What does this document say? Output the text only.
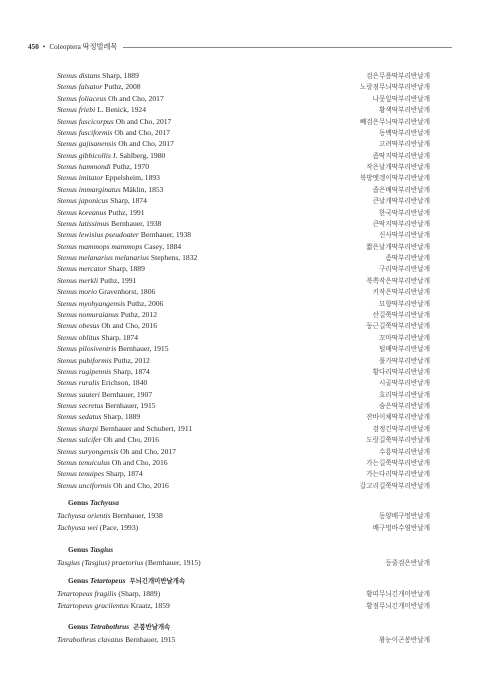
450 • Coleoptera 딱정벌레목
Stenus distans Sharp, 1889	검은무릎딱부리반날개
Stenus falsator Puthz, 2008	노랑점무늬딱부리반날개
Stenus foliaceus Oh and Cho, 2017	나뭇잎딱부리반날개
Stenus friebi L. Benick, 1924	황색딱부리반날개
Stenus fuscicorpus Oh and Cho, 2017	빼검은무늬딱부리반날개
Stenus fusciformis Oh and Cho, 2017	동백딱부리반날개
Stenus gajisanensis Oh and Cho, 2017	고려딱부리반날개
Stenus gibbicollis J. Sahlberg, 1980	좀딱지딱부리반날개
Stenus hammondi Puthz, 1970	작은날개딱부리반날개
Stenus imitator Eppelsheim, 1893	북방멧갱이딱부리반날개
Stenus immarginatus Mäklin, 1853	좁은배딱부리반날개
Stenus japonicus Sharp, 1874	큰날개딱부리반날개
Stenus koreanus Puthz, 1991	한국딱부리반날개
Stenus latissimus Bernhauer, 1938	큰딱지딱부리반날개
Stenus lewisius pseudoater Bernhauer, 1938	신사딱부리반날개
Stenus mammops mammops Casey, 1884	짧은날개딱부리반날개
Stenus melanarius melanarius Stephens, 1832	좀딱부리반날개
Stenus mercator Sharp, 1889	구리딱부리반날개
Stenus merkli Puthz, 1991	북쪽작은딱부리반날개
Stenus morio Gravenhorst, 1806	키작은딱부리반날개
Stenus myohyangensis Puthz, 2006	묘향딱부리반날개
Stenus nomuraianus Puthz, 2012	산길쭉딱부리반날개
Stenus obesus Oh and Cho, 2016	둥근길쭉딱부리반날개
Stenus oblitus Sharp, 1874	꼬마딱부리반날개
Stenus pilosiventris Bernhauer, 1915	털배딱부리반날개
Stenus pubiformis Puthz, 2012	풀가딱부리반날개
Stenus rugipennis Sharp, 1874	황다리딱부리반날개
Stenus ruralis Erichson, 1840	시골딱부리반날개
Stenus sauteri Bernhauer, 1907	호리딱부리반날개
Stenus secretus Bernhauer, 1915	숨은딱부리반날개
Stenus sedatus Sharp, 1889	잔바이체딱부리반날개
Stenus sharpi Bernhauer and Schubert, 1911	검정긴딱부리반날개
Stenus sulcifer Oh and Cho, 2016	도랑길쭉딱부리반날개
Stenus suryongensis Oh and Cho, 2017	수룡딱부리반날개
Stenus tenuiculus Oh and Cho, 2016	가는길쭉딱부리반날개
Stenus tenuipes Sharp, 1874	가는다리딱부리반날개
Stenus unciformis Oh and Cho, 2016	갈고리길쭉딱부리반날개
Genus Tachyusa
Tachyusa orientis Bernhauer, 1938	동양배구멍반날개
Tachyusa wei (Pace, 1993)	배구멍바수염반날개
Genus Tasgius
Tasgius (Tasgius) praetorius (Bernhauer, 1915)	등줄검은반날개
Genus Tetartopeus 무늬긴개미반날개속
Tetartopeus fragilis (Sharp, 1889)	황띠무늬긴개미반날개
Tetartopeus gracilentus Kraatz, 1859	황점무늬긴개미반날개
Genus Tetrabothrus 곤봉반날개속
Tetrabothrus clavatus Bernhauer, 1915	왕눈이곤봉반날개
